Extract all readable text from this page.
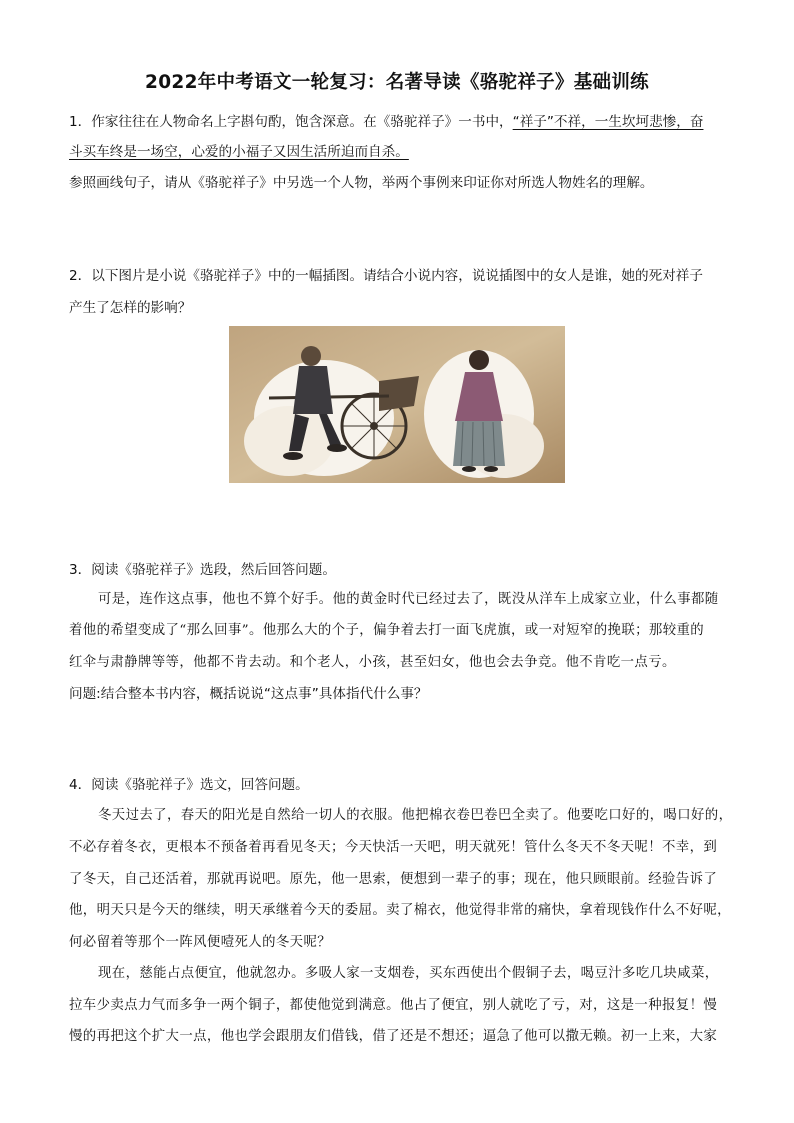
2022年中考语文一轮复习：名著导读《骆驼祥子》基础训练
1．作家往往在人物命名上字斟句酌，饱含深意。在《骆驼祥子》一书中，“祥子”不祥，一生坎坷悲惨，奋
斗买车终是一场空，心爱的小福子又因生活所迫而自杀。
参照画线句子，请从《骆驼祥子》中另选一个人物，举两个事例来印证你对所选人物姓名的理解。
2．以下图片是小说《骆驼祥子》中的一幅插图。请结合小说内容，说说插图中的女人是谁，她的死对祥子
产生了怎样的影响？
3．阅读《骆驼祥子》选段，然后回答问题。
可是，连作这点事，他也不算个好手。他的黄金时代已经过去了，既没从洋车上成家立业，什么事都随
着他的希望变成了“那么回事”。他那么大的个子，偏争着去打一面飞虎旗，或一对短窄的挽联；那较重的
红伞与肃静牌等等，他都不肯去动。和个老人，小孩，甚至妇女，他也会去争竞。他不肯吃一点亏。
问题:结合整本书内容，概括说说“这点事”具体指代什么事？
4．阅读《骆驼祥子》选文，回答问题。
冬天过去了，春天的阳光是自然给一切人的衣服。他把棉衣卷巴卷巴全卖了。他要吃口好的，喝口好的，
不必存着冬衣，更根本不预备着再看见冬天；今天快活一天吧，明天就死！管什么冬天不冬天呢！不幸，到
了冬天，自己还活着，那就再说吧。原先，他一思索，便想到一辈子的事；现在，他只顾眼前。经验告诉了
他，明天只是今天的继续，明天承继着今天的委屈。卖了棉衣，他觉得非常的痛快，拿着现钱作什么不好呢，
何必留着等那个一阵风便噎死人的冬天呢？
现在，慈能占点便宜，他就忽办。多吸人家一支烟卷，买东西使出个假铜子去，喝豆汁多吃几块咸菜，
拉车少卖点力气而多争一两个铜子，都使他觉到满意。他占了便宜，别人就吃了亏，对，这是一种报复！慢
慢的再把这个扩大一点，他也学会跟朋友们借钱，借了还是不想还；逼急了他可以撒无赖。初一上来，大家
